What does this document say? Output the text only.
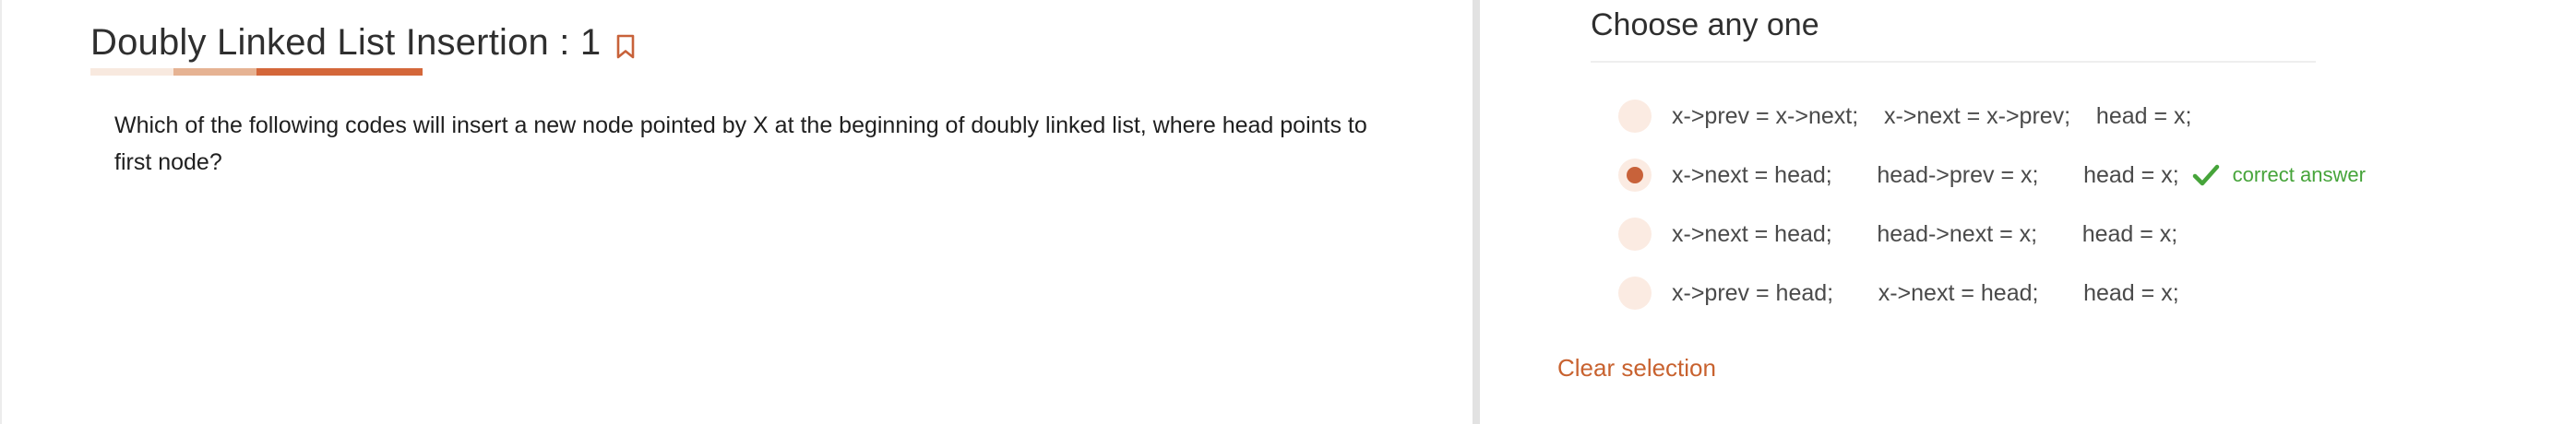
Doubly Linked List Insertion : 1
Which of the following codes will insert a new node pointed by X at the beginning of doubly linked list, where head points to first node?
Choose any one
x->prev = x->next;    x->next = x->prev;    head = x;
x->next = head;       head->prev = x;       head = x;	correct answer
x->next = head;       head->next = x;       head = x;
x->prev = head;       x->next = head;       head = x;
Clear selection
